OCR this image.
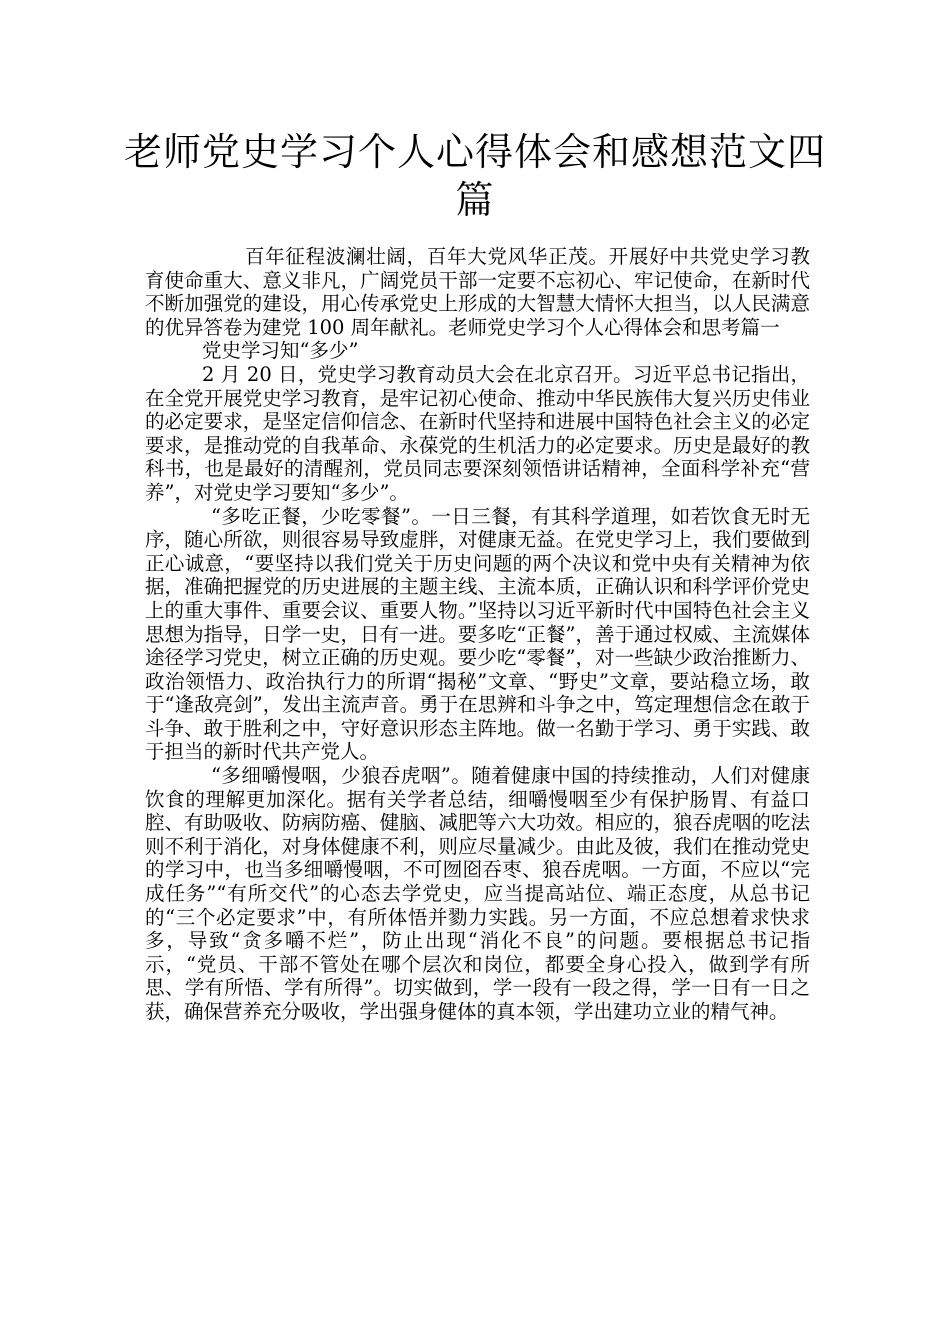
老师党史学习个人心得体会和感想范文四篇

百年征程波澜壮阔，百年大党风华正茂。开展好中共党史学习教育使命重大、意义非凡，广阔党员干部一定要不忘初心、牢记使命，在新时代不断加强党的建设，用心传承党史上形成的大智慧大情怀大担当，以人民满意的优异答卷为建党 100 周年献礼。老师党史学习个人心得体会和思考篇一

党史学习知“多少”

2 月 20 日，党史学习教育动员大会在北京召开。习近平总书记指出，在全党开展党史学习教育，是牢记初心使命、推动中华民族伟大复兴历史伟业的必定要求，是坚定信仰信念、在新时代坚持和进展中国特色社会主义的必定要求，是推动党的自我革命、永葆党的生机活力的必定要求。历史是最好的教科书，也是最好的清醒剂，党员同志要深刻领悟讲话精神，全面科学补充“营养”，对党史学习要知“多少”。

“多吃正餐，少吃零餐”。一日三餐，有其科学道理，如若饮食无时无序，随心所欲，则很容易导致虚胖，对健康无益。在党史学习上，我们要做到正心诚意，“要坚持以我们党关于历史问题的两个决议和党中央有关精神为依据，准确把握党的历史进展的主题主线、主流本质，正确认识和科学评价党史上的重大事件、重要会议、重要人物。”坚持以习近平新时代中国特色社会主义思想为指导，日学一史，日有一进。要多吃“正餐”，善于通过权威、主流媒体途径学习党史，树立正确的历史观。要少吃“零餐”，对一些缺少政治推断力、政治领悟力、政治执行力的所谓“揭秘”文章、“野史”文章，要站稳立场，敢于“逢敌亮剑”，发出主流声音。勇于在思辨和斗争之中，笃定理想信念在敢于斗争、敢于胜利之中，守好意识形态主阵地。做一名勤于学习、勇于实践、敢于担当的新时代共产党人。

“多细嚼慢咽，少狼吞虎咽”。随着健康中国的持续推动，人们对健康饮食的理解更加深化。据有关学者总结，细嚼慢咽至少有保护肠胃、有益口腔、有助吸收、防病防癌、健脑、减肥等六大功效。相应的，狼吞虎咽的吃法则不利于消化，对身体健康不利，则应尽量减少。由此及彼，我们在推动党史的学习中，也当多细嚼慢咽，不可囫囵吞枣、狼吞虎咽。一方面，不应以“完成任务”“有所交代”的心态去学党史，应当提高站位、端正态度，从总书记的“三个必定要求”中，有所体悟并勠力实践。另一方面，不应总想着求快求多，导致“贪多嚼不烂”，防止出现“消化不良”的问题。要根据总书记指示，“党员、干部不管处在哪个层次和岗位，都要全身心投入，做到学有所思、学有所悟、学有所得”。切实做到，学一段有一段之得，学一日有一日之获，确保营养充分吸收，学出强身健体的真本领，学出建功立业的精气神。
